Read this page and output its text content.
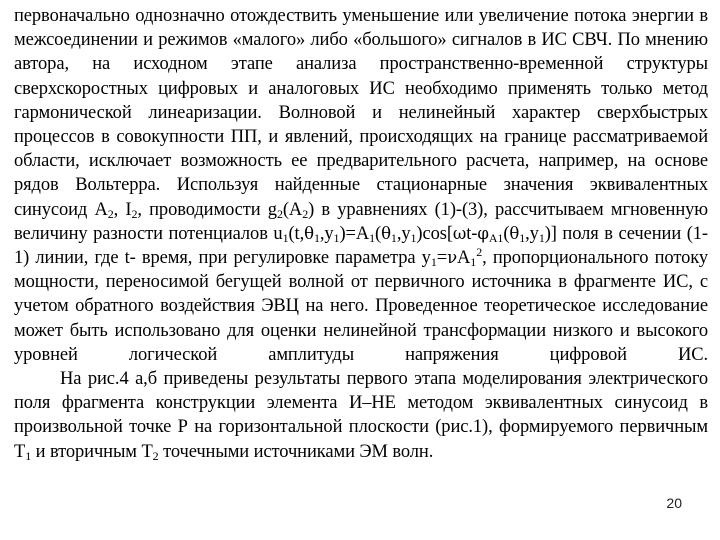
первоначально однозначно отождествить уменьшение или увеличение потока энергии в межсоединении и режимов «малого» либо «большого» сигналов в ИС СВЧ. По мнению автора, на исходном этапе анализа пространственно-временной структуры сверхскоростных цифровых и аналоговых ИС необходимо применять только метод гармонической линеаризации. Волновой и нелинейный характер сверхбыстрых процессов в совокупности ПП, и явлений, происходящих на границе рассматриваемой области, исключает возможность ее предварительного расчета, например, на основе рядов Вольтерра. Используя найденные стационарные значения эквивалентных синусоид $A_2$, $I_2$, проводимости $g_2(A_2)$ в уравнениях (1)-(3), рассчитываем мгновенную величину разности потенциалов $u_1(t,\theta_1,y_1)=A_1(\theta_1,y_1)\cos[\omega t-\varphi_{A1}(\theta_1,y_1)]$ поля в сечении (1-1) линии, где t- время, при регулировке параметра $y_1=\nu A_1^2$, пропорционального потоку мощности, переносимой бегущей волной от первичного источника в фрагменте ИС, с учетом обратного воздействия ЭВЦ на него. Проведенное теоретическое исследование может быть использовано для оценки нелинейной трансформации низкого и высокого уровней логической амплитуды напряжения цифровой ИС.

На рис.4 а,б приведены результаты первого этапа моделирования электрического поля фрагмента конструкции элемента И–НЕ методом эквивалентных синусоид в произвольной точке Р на горизонтальной плоскости (рис.1), формируемого первичным $Т_1$ и вторичным $Т_2$ точечными источниками ЭМ волн.

20
